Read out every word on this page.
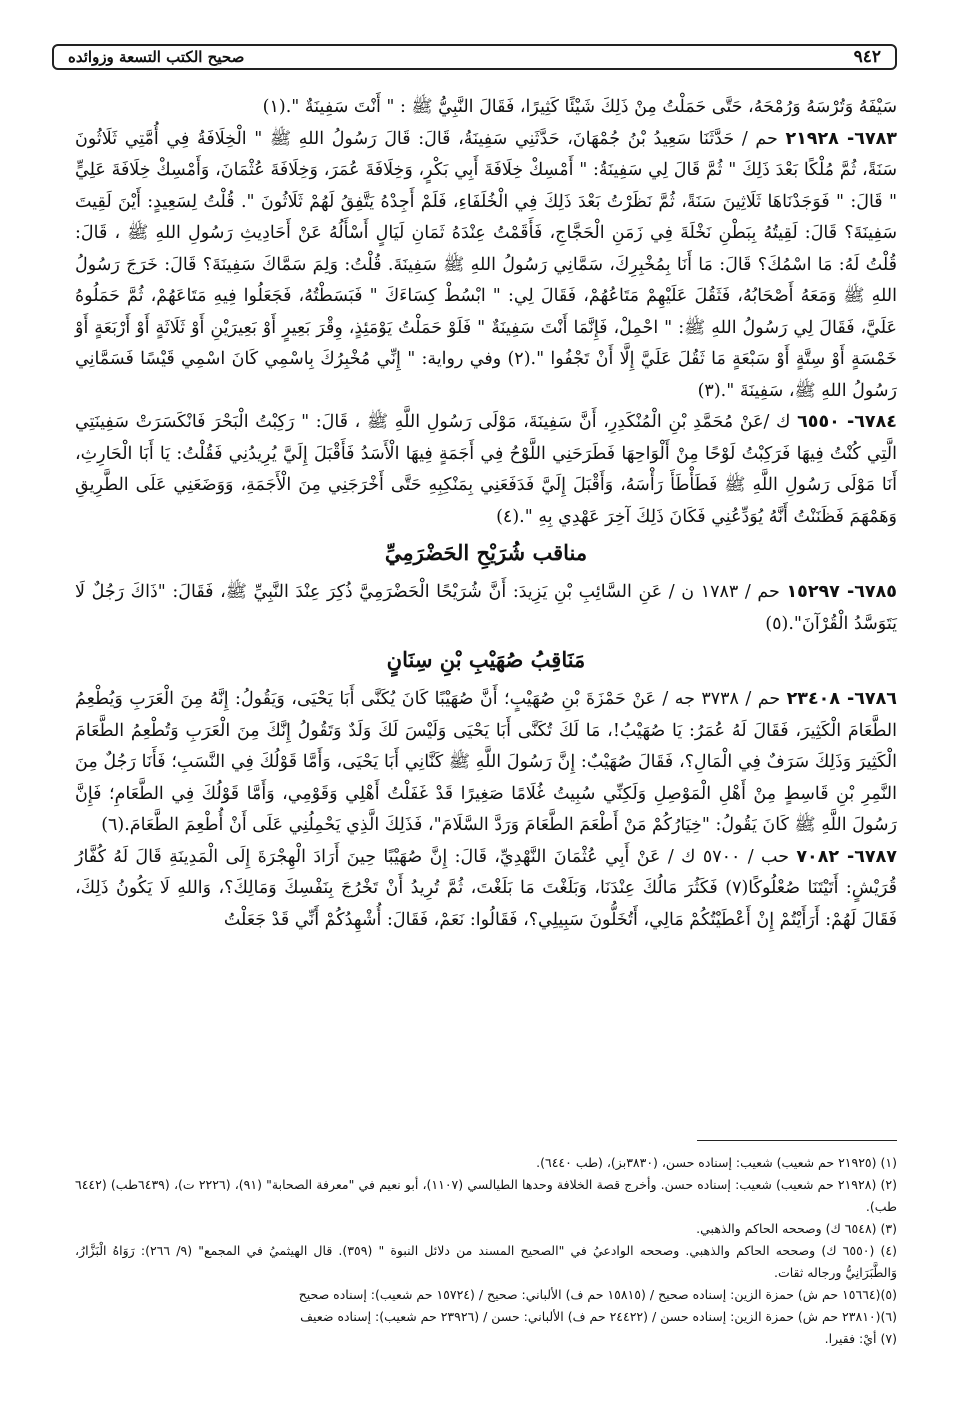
٩٤٢
صحيح الكتب التسعة وزوائده

سَيْفَهُ وَتُرْسَهُ وَرُمْحَهُ، حَتَّى حَمَلْتُ مِنْ ذَلِكَ شَيْئًا كَثِيرًا، فَقَالَ النَّبِيُّ ﷺ : " أَنْتَ سَفِينَةٌ ".(١)

٦٧٨٣- ٢١٩٢٨ حم / حَدَّثَنَا سَعِيدُ بْنُ جُمْهَانَ، حَدَّثَنِي سَفِينَةُ، قَالَ: قَالَ رَسُولُ اللهِ ﷺ " الْخِلَافَةُ فِي أُمَّتِي ثَلَاثُونَ سَنَةً، ثُمَّ مُلْكًا بَعْدَ ذَلِكَ " ثُمَّ قَالَ لِي سَفِينَةُ: " أَمْسِكْ خِلَافَةَ أَبِي بَكْرٍ، وَخِلَافَةَ عُمَرَ، وَخِلَافَةَ عُثْمَانَ، وَأَمْسِكْ خِلَافَةَ عَلِيٍّ " قَالَ: " فَوَجَدْنَاهَا ثَلَاثِينَ سَنَةً، ثُمَّ نَظَرْتُ بَعْدَ ذَلِكَ فِي الْخُلَفَاءِ، فَلَمْ أَجِدْهُ يَتَّفِقُ لَهُمْ ثَلَاثُونَ ". قُلْتُ لِسَعِيدٍ: أَيْنَ لَقِيتَ سَفِينَةَ؟ قَالَ: لَقِيتُهُ بِبَطْنِ نَخْلَةَ فِي زَمَنِ الْحَجَّاجِ، فَأَقَمْتُ عِنْدَهُ ثَمَانِ لَيَالٍ أَسْأَلُهُ عَنْ أَحَادِيثِ رَسُولِ اللهِ ﷺ ، قَالَ: قُلْتُ لَهُ: مَا اسْمُكَ؟ قَالَ: مَا أَنَا بِمُخْبِرِكَ، سَمَّانِي رَسُولُ اللهِ ﷺ سَفِينَةَ. قُلْتُ: وَلِمَ سَمَّاكَ سَفِينَةَ؟ قَالَ: خَرَجَ رَسُولُ اللهِ ﷺ وَمَعَهُ أَصْحَابُهُ، فَثَقُلَ عَلَيْهِمْ مَتَاعُهُمْ، فَقَالَ لِي: " ابْسُطْ كِسَاءَكَ " فَبَسَطْتُهُ، فَجَعَلُوا فِيهِ مَتَاعَهُمْ، ثُمَّ حَمَلُوهُ عَلَيَّ، فَقَالَ لِي رَسُولُ اللهِ ﷺ: " احْمِلْ، فَإِنَّمَا أَنْتَ سَفِينَةٌ " فَلَوْ حَمَلْتُ يَوْمَئِذٍ، وِقْرَ بَعِيرٍ أَوْ بَعِيرَيْنِ أَوْ ثَلَاثَةٍ أَوْ أَرْبَعَةٍ أَوْ خَمْسَةٍ أَوْ سِتَّةٍ أَوْ سَبْعَةٍ مَا ثَقُلَ عَلَيَّ إِلَّا أَنْ تَجْفُوا ".(٢) وفي رواية: " إِنِّي مُخْبِرُكَ بِاسْمِي كَانَ اسْمِي قَيْسًا فَسَمَّانِي رَسُولُ اللهِ ﷺ، سَفِينَةَ ".(٣)

٦٧٨٤- ٦٥٥٠ ك /عَنْ مُحَمَّدِ بْنِ الْمُنْكَدِرِ، أَنَّ سَفِينَةَ، مَوْلَى رَسُولِ اللَّهِ ﷺ ، قَالَ: " رَكِبْتُ الْبَحْرَ فَانْكَسَرَتْ سَفِينَتِي الَّتِي كُنْتُ فِيهَا فَرَكِبْتُ لَوْحًا مِنْ أَلْوَاحِهَا فَطَرَحَنِي اللَّوْحُ فِي أَجَمَةٍ فِيهَا الْأَسَدُ فَأَقْبَلَ إِلَيَّ يُرِيدُنِي فَقُلْتُ: يَا أَبَا الْحَارِثِ، أَنَا مَوْلَى رَسُولِ اللَّهِ ﷺ فَطَأْطَأَ رَأْسَهُ، وَأَقْبَلَ إِلَيَّ فَدَفَعَنِي بِمَنْكِبِهِ حَتَّى أَخْرَجَنِي مِنَ الْأَجَمَةِ، وَوَضَعَنِي عَلَى الطَّرِيقِ وَهَمْهَمَ فَظَنَنْتُ أَنَّهُ يُوَدِّعُنِي فَكَانَ ذَلِكَ آخِرَ عَهْدِي بِهِ ".(٤)

مناقب شُرَيْحِ الحَضْرَمِيِّ

٦٧٨٥- ١٥٢٩٧ حم / ١٧٨٣ ن / عَنِ السَّائِبِ بْنِ يَزِيدَ: أَنَّ شُرَيْحًا الْحَضْرَمِيَّ ذُكِرَ عِنْدَ النَّبِيِّ ﷺ، فَقَالَ: "ذَاكَ رَجُلٌ لَا يَتَوَسَّدُ الْقُرْآنَ".(٥)

مَنَاقِبُ صُهَيْبِ بْنِ سِنَانٍ

٦٧٨٦- ٢٣٤٠٨ حم / ٣٧٣٨ جه / عَنْ حَمْزَةَ بْنِ صُهَيْبٍ؛ أَنَّ صُهَيْبًا كَانَ يُكَنَّى أَبَا يَحْيَى، وَيَقُولُ: إِنَّهُ مِنَ الْعَرَبِ وَيُطْعِمُ الطَّعَامَ الْكَثِيرَ، فَقَالَ لَهُ عُمَرُ: يَا صُهَيْبُ!، مَا لَكَ تُكَنَّى أَبَا يَحْيَى وَلَيْسَ لَكَ وَلَدٌ وَتَقُولُ إِنَّكَ مِنَ الْعَرَبِ وَتُطْعِمُ الطَّعَامَ الْكَثِيرَ وَذَلِكَ سَرَفٌ فِي الْمَالِ؟، فَقَالَ صُهَيْبٌ: إِنَّ رَسُولَ اللَّهِ ﷺ كَنَّانِي أَبَا يَحْيَى، وَأَمَّا قَوْلُكَ فِي النَّسَبِ؛ فَأَنَا رَجُلٌ مِنَ النَّمِرِ بْنِ قَاسِطٍ مِنْ أَهْلِ الْمَوْصِلِ وَلَكِنِّي سُبِيتُ غُلَامًا صَغِيرًا قَدْ غَفَلْتُ أَهْلِي وَقَوْمِي، وَأَمَّا قَوْلُكَ فِي الطَّعَامِ؛ فَإِنَّ رَسُولَ اللَّهِ ﷺ كَانَ يَقُولُ: "خِيَارُكُمْ مَنْ أَطْعَمَ الطَّعَامَ وَرَدَّ السَّلَامَ"، فَذَلِكَ الَّذِي يَحْمِلُنِي عَلَى أَنْ أُطْعِمَ الطَّعَامَ.(٦)

٦٧٨٧- ٧٠٨٢ حب / ٥٧٠٠ ك / عَنْ أَبِي عُثْمَانَ النَّهْدِيِّ، قَالَ: إِنَّ صُهَيْبًا حِينَ أَرَادَ الْهِجْرَةَ إِلَى الْمَدِينَةِ قَالَ لَهُ كُفَّارُ قُرَيْشٍ: أَتَيْتَنَا صُعْلُوكًا(٧) فَكَثُرَ مَالُكَ عِنْدَنَا، وَبَلَغْتَ مَا بَلَغْتَ، ثُمَّ تُرِيدُ أَنْ تَخْرُجَ بِنَفْسِكَ وَمَالِكَ؟، وَاللهِ لَا يَكُونُ ذَلِكَ، فَقَالَ لَهُمْ: أَرَأَيْتُمْ إِنْ أَعْطَيْتُكُمْ مَالِي، أَتُخَلُّونَ سَبِيلِي؟، فَقَالُوا: نَعَمْ، فَقَالَ: أُشْهِدُكُمْ أَنِّي قَدْ جَعَلْتُ

(١) (٢١٩٢٥ حم شعيب) شعيب: إسناده حسن، (٣٨٣٠بز)، (طب ٦٤٤٠).

(٢) (٢١٩٢٨ حم شعيب) شعيب: إسناده حسن. وأخرج قصة الخلافة وحدها الطيالسي (١١٠٧)، أبو نعيم في "معرفة الصحابة" (٩١)، (٢٢٢٦ ت)، (٦٤٣٩طب) (٦٤٤٢ طب).

(٣) (٦٥٤٨ ك) وصححه الحاكم والذهبي.

(٤) (٦٥٥٠ ك) وصححه الحاكم والذهبي. وصححه الوادعيُ في "الصحيح المسند من دلائل النبوة " (٣٥٩). قال الهيثميُ في المجمع" (٩/ ٢٦٦): رَوَاهُ الْبَزَّارُ، وَالطَّبَرَانِيُّ ورجاله ثقات.

(٥)(١٥٦٦٤ حم ش) حمزة الزين: إسناده صحيح / (١٥٨١٥ حم ف) الألباني: صحيح / (١٥٧٢٤ حم شعيب): إسناده صحيح

(٦)(٢٣٨١٠ حم ش) حمزة الزين: إسناده حسن / (٢٤٤٢٢ حم ف) الألباني: حسن / (٢٣٩٢٦ حم شعيب): إسناده ضعيف

(٧) أيْ: فقيرا.
